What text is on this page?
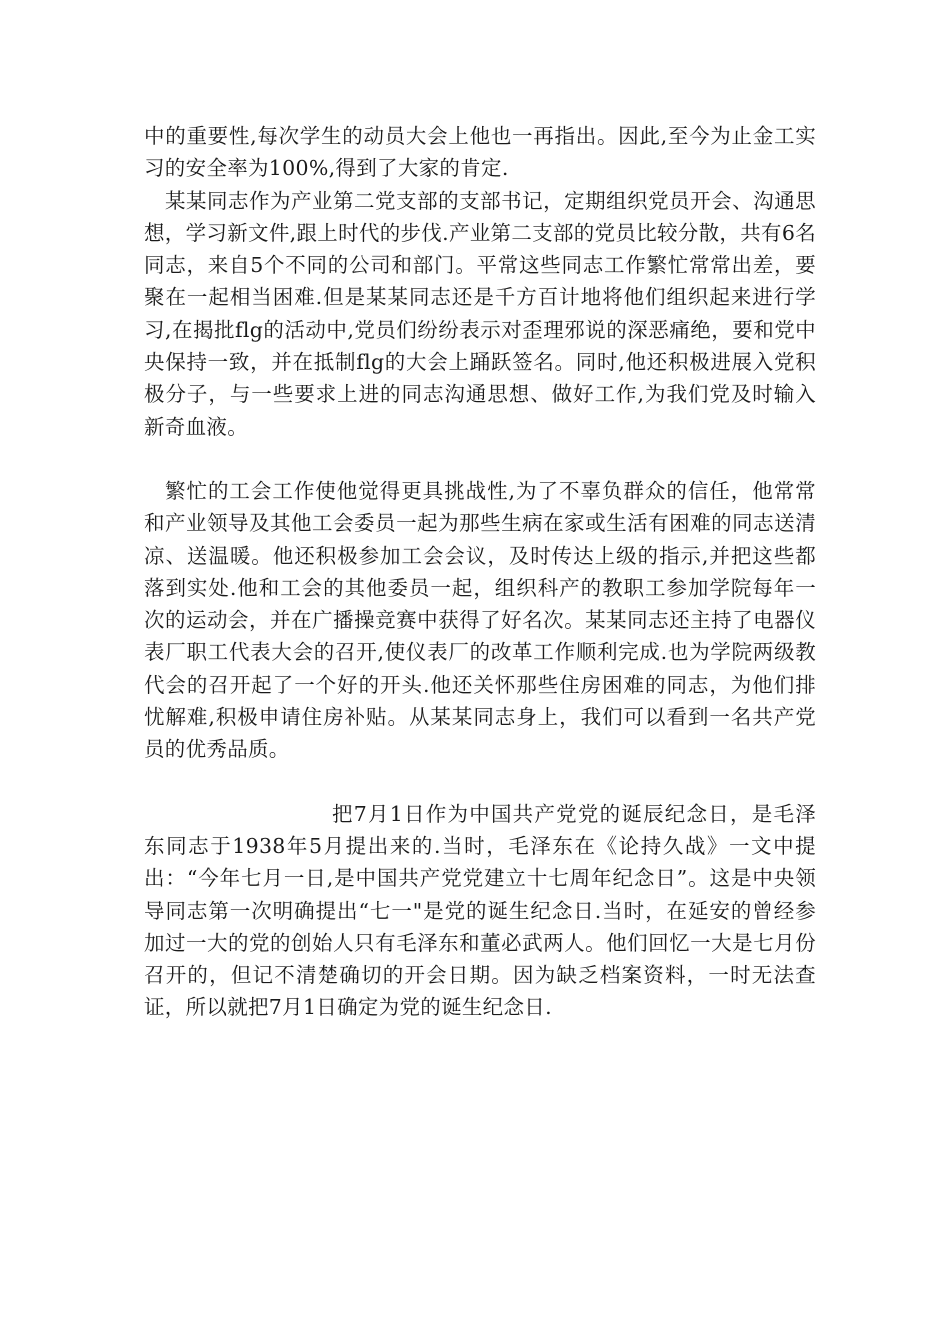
中的重要性,每次学生的动员大会上他也一再指出。因此,至今为止金工实习的安全率为100%,得到了大家的肯定.

某某同志作为产业第二党支部的支部书记，定期组织党员开会、沟通思想，学习新文件,跟上时代的步伐.产业第二支部的党员比较分散，共有6名同志，来自5个不同的公司和部门。平常这些同志工作繁忙常常出差，要聚在一起相当困难.但是某某同志还是千方百计地将他们组织起来进行学习,在揭批flg的活动中,党员们纷纷表示对歪理邪说的深恶痛绝，要和党中央保持一致，并在抵制flg的大会上踊跃签名。同时,他还积极进展入党积极分子，与一些要求上进的同志沟通思想、做好工作,为我们党及时输入新奇血液。

繁忙的工会工作使他觉得更具挑战性,为了不辜负群众的信任，他常常和产业领导及其他工会委员一起为那些生病在家或生活有困难的同志送清凉、送温暖。他还积极参加工会会议，及时传达上级的指示,并把这些都落到实处.他和工会的其他委员一起，组织科产的教职工参加学院每年一次的运动会，并在广播操竞赛中获得了好名次。某某同志还主持了电器仪表厂职工代表大会的召开,使仪表厂的改革工作顺利完成.也为学院两级教代会的召开起了一个好的开头.他还关怀那些住房困难的同志，为他们排忧解难,积极申请住房补贴。从某某同志身上，我们可以看到一名共产党员的优秀品质。

把7月1日作为中国共产党党的诞辰纪念日，是毛泽东同志于1938年5月提出来的.当时，毛泽东在《论持久战》一文中提出：“今年七月一日,是中国共产党党建立十七周年纪念日”。这是中央领导同志第一次明确提出“七一"是党的诞生纪念日.当时，在延安的曾经参加过一大的党的创始人只有毛泽东和董必武两人。他们回忆一大是七月份召开的，但记不清楚确切的开会日期。因为缺乏档案资料，一时无法查证，所以就把7月1日确定为党的诞生纪念日.
